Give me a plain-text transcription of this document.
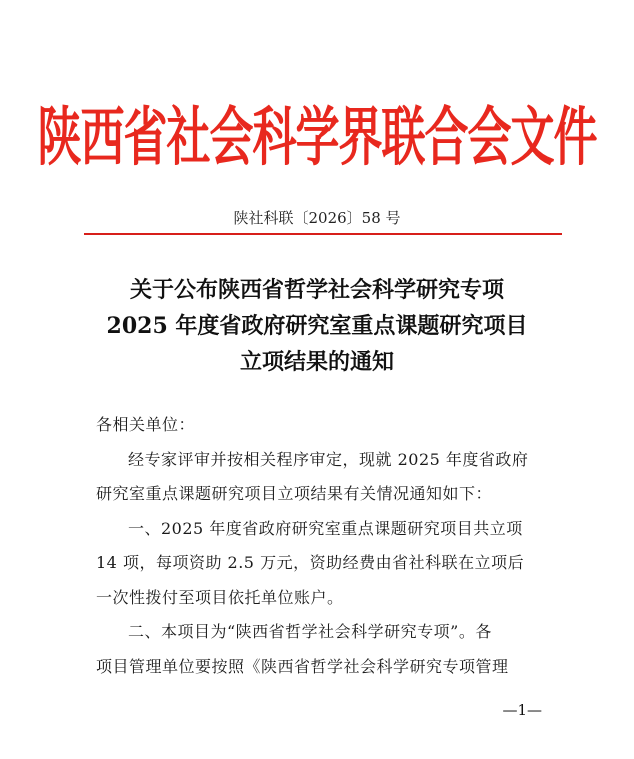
陕西省社会科学界联合会文件
陕社科联〔2026〕58 号
关于公布陕西省哲学社会科学研究专项
2025 年度省政府研究室重点课题研究项目
立项结果的通知

各相关单位：

经专家评审并按相关程序审定，现就 2025 年度省政府

研究室重点课题研究项目立项结果有关情况通知如下：

一、2025 年度省政府研究室重点课题研究项目共立项

14 项，每项资助 2.5 万元，资助经费由省社科联在立项后

一次性拨付至项目依托单位账户。

二、本项目为“陕西省哲学社会科学研究专项”。各

项目管理单位要按照《陕西省哲学社会科学研究专项管理

—1—
